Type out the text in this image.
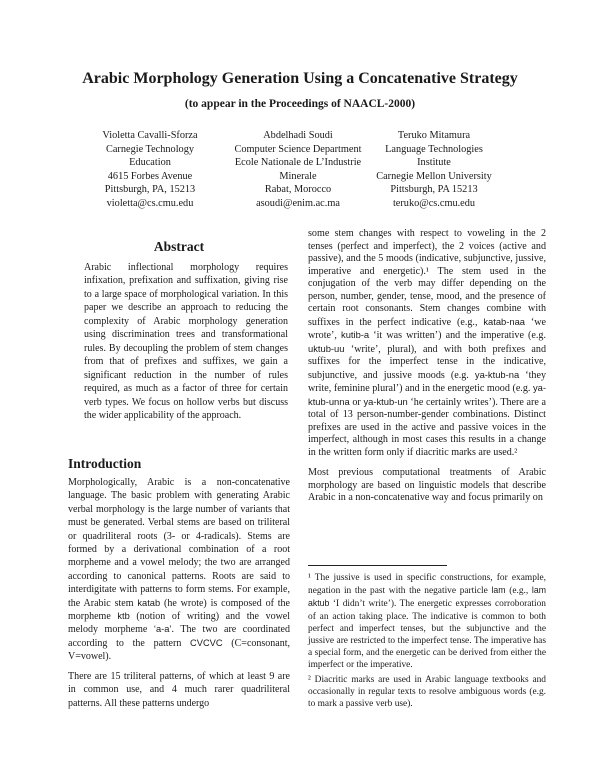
Arabic Morphology Generation Using a Concatenative Strategy
(to appear in the Proceedings of NAACL-2000)
Violetta Cavalli-Sforza
Carnegie Technology
Education
4615 Forbes Avenue
Pittsburgh, PA, 15213
violetta@cs.cmu.edu
Abdelhadi Soudi
Computer Science Department
Ecole Nationale de L’Industrie
Minerale
Rabat, Morocco
asoudi@enim.ac.ma
Teruko Mitamura
Language Technologies
Institute
Carnegie Mellon University
Pittsburgh, PA 15213
teruko@cs.cmu.edu
Abstract
Arabic inflectional morphology requires infixation, prefixation and suffixation, giving rise to a large space of morphological variation. In this paper we describe an approach to reducing the complexity of Arabic morphology generation using discrimination trees and transformational rules. By decoupling the problem of stem changes from that of prefixes and suffixes, we gain a significant reduction in the number of rules required, as much as a factor of three for certain verb types. We focus on hollow verbs but discuss the wider applicability of the approach.
Introduction

Morphologically, Arabic is a non-concatenative language. The basic problem with generating Arabic verbal morphology is the large number of variants that must be generated. Verbal stems are based on triliteral or quadriliteral roots (3- or 4-radicals). Stems are formed by a derivational combination of a root morpheme and a vowel melody; the two are arranged according to canonical patterns. Roots are said to interdigitate with patterns to form stems. For example, the Arabic stem katab (he wrote) is composed of the morpheme ktb (notion of writing) and the vowel melody morpheme ‘a-a’. The two are coordinated according to the pattern CVCVC (C=consonant, V=vowel).

There are 15 triliteral patterns, of which at least 9 are in common use, and 4 much rarer quadriliteral patterns. All these patterns undergo

some stem changes with respect to voweling in the 2 tenses (perfect and imperfect), the 2 voices (active and passive), and the 5 moods (indicative, subjunctive, jussive, imperative and energetic).¹ The stem used in the conjugation of the verb may differ depending on the person, number, gender, tense, mood, and the presence of certain root consonants. Stem changes combine with suffixes in the perfect indicative (e.g., katab-naa ‘we wrote’, kutib-a ‘it was written’) and the imperative (e.g. uktub-uu ‘write’, plural), and with both prefixes and suffixes for the imperfect tense in the indicative, subjunctive, and jussive moods (e.g. ya-ktub-na ‘they write, feminine plural’) and in the energetic mood (e.g. ya-ktub-unna or ya-ktub-un ‘he certainly writes’). There are a total of 13 person-number-gender combinations. Distinct prefixes are used in the active and passive voices in the imperfect, although in most cases this results in a change in the written form only if diacritic marks are used.²

Most previous computational treatments of Arabic morphology are based on linguistic models that describe Arabic in a non-concatenative way and focus primarily on

¹ The jussive is used in specific constructions, for example, negation in the past with the negative particle lam (e.g., lam aktub ‘I didn’t write’). The energetic expresses corroboration of an action taking place. The indicative is common to both perfect and imperfect tenses, but the subjunctive and the jussive are restricted to the imperfect tense. The imperative has a special form, and the energetic can be derived from either the imperfect or the imperative.

² Diacritic marks are used in Arabic language textbooks and occasionally in regular texts to resolve ambiguous words (e.g. to mark a passive verb use).
